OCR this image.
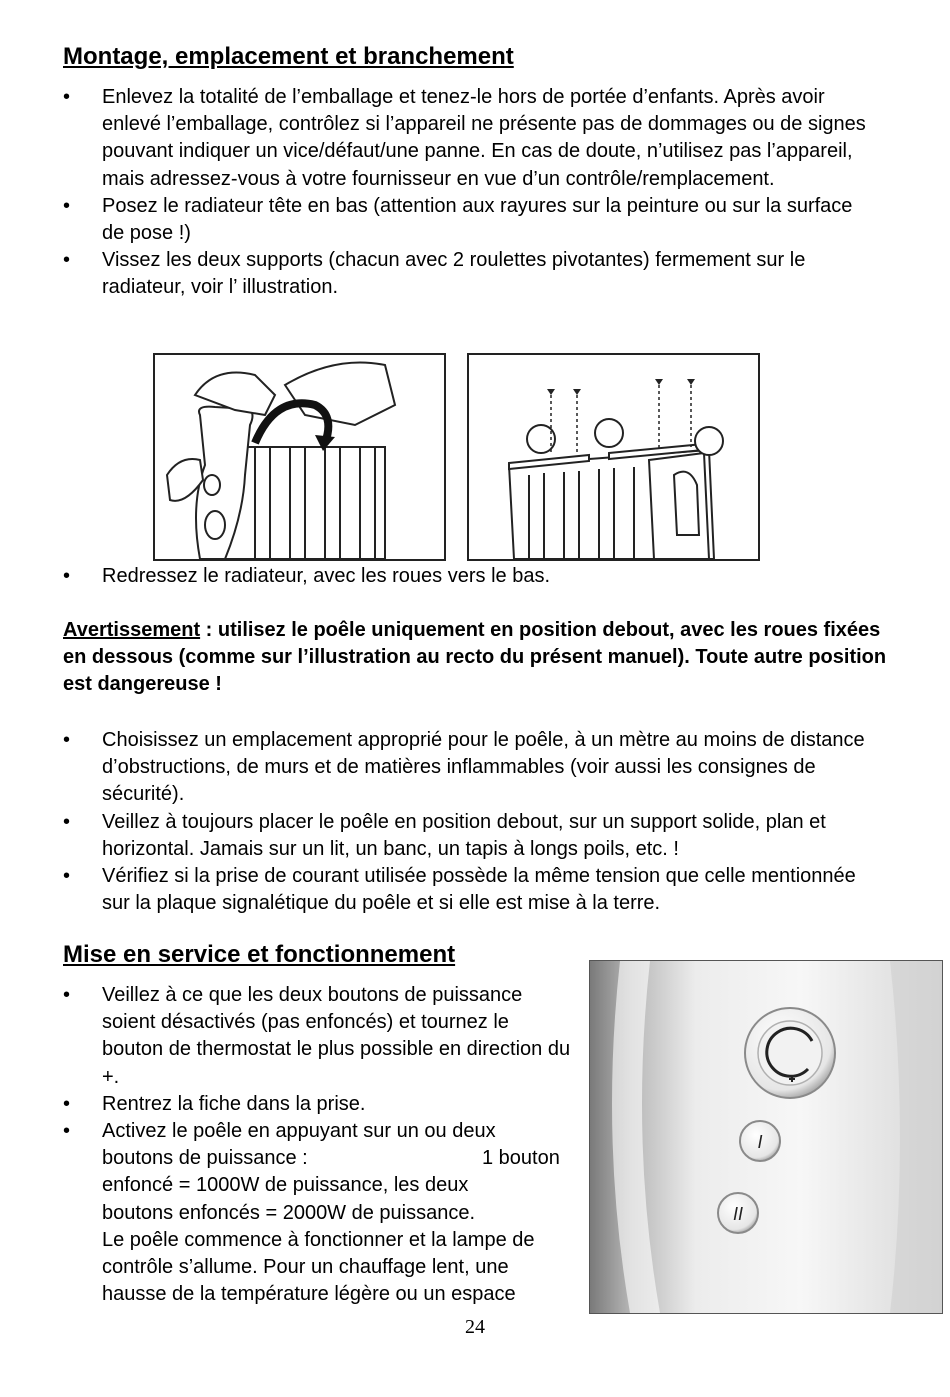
Montage, emplacement et branchement
• Enlevez la totalité de l’emballage et tenez-le hors de portée d’enfants. Après avoir enlevé l’emballage, contrôlez si l’appareil ne présente pas de dommages ou de signes pouvant indiquer un vice/défaut/une panne. En cas de doute, n’utilisez pas l’appareil, mais adressez-vous à votre fournisseur en vue d’un contrôle/remplacement.
• Posez le radiateur tête en bas (attention aux rayures sur la peinture ou sur la surface de pose !)
• Vissez les deux supports (chacun avec 2 roulettes pivotantes) fermement sur le radiateur, voir l’ illustration.
• Redressez le radiateur, avec les roues vers le bas.

Avertissement : utilisez le poêle uniquement en position debout, avec les roues fixées en dessous (comme sur l’illustration au recto du présent manuel). Toute autre position est dangereuse !

• Choisissez un emplacement approprié pour le poêle, à un mètre au moins de distance d’obstructions, de murs et de matières inflammables (voir aussi les consignes de sécurité).
• Veillez à toujours placer le poêle en position debout, sur un support solide, plan et horizontal. Jamais sur un lit, un banc, un tapis à longs poils, etc. !
• Vérifiez si la prise de courant utilisée possède la même tension que celle mentionnée sur la plaque signalétique du poêle et si elle est mise à la terre.
Mise en service et fonctionnement
• Veillez à ce que les deux boutons de puissance soient désactivés (pas enfoncés) et tournez le bouton de thermostat le plus possible en direction du +.
• Rentrez la fiche dans la prise.
• Activez le poêle en appuyant sur un ou deux
boutons de puissance :	1 bouton
enfoncé = 1000W de puissance, les deux
boutons enfoncés = 2000W de puissance.
Le poêle commence à fonctionner et la lampe de
contrôle s’allume. Pour un chauffage lent, une
hausse de la température légère ou un espace
I
II
24
